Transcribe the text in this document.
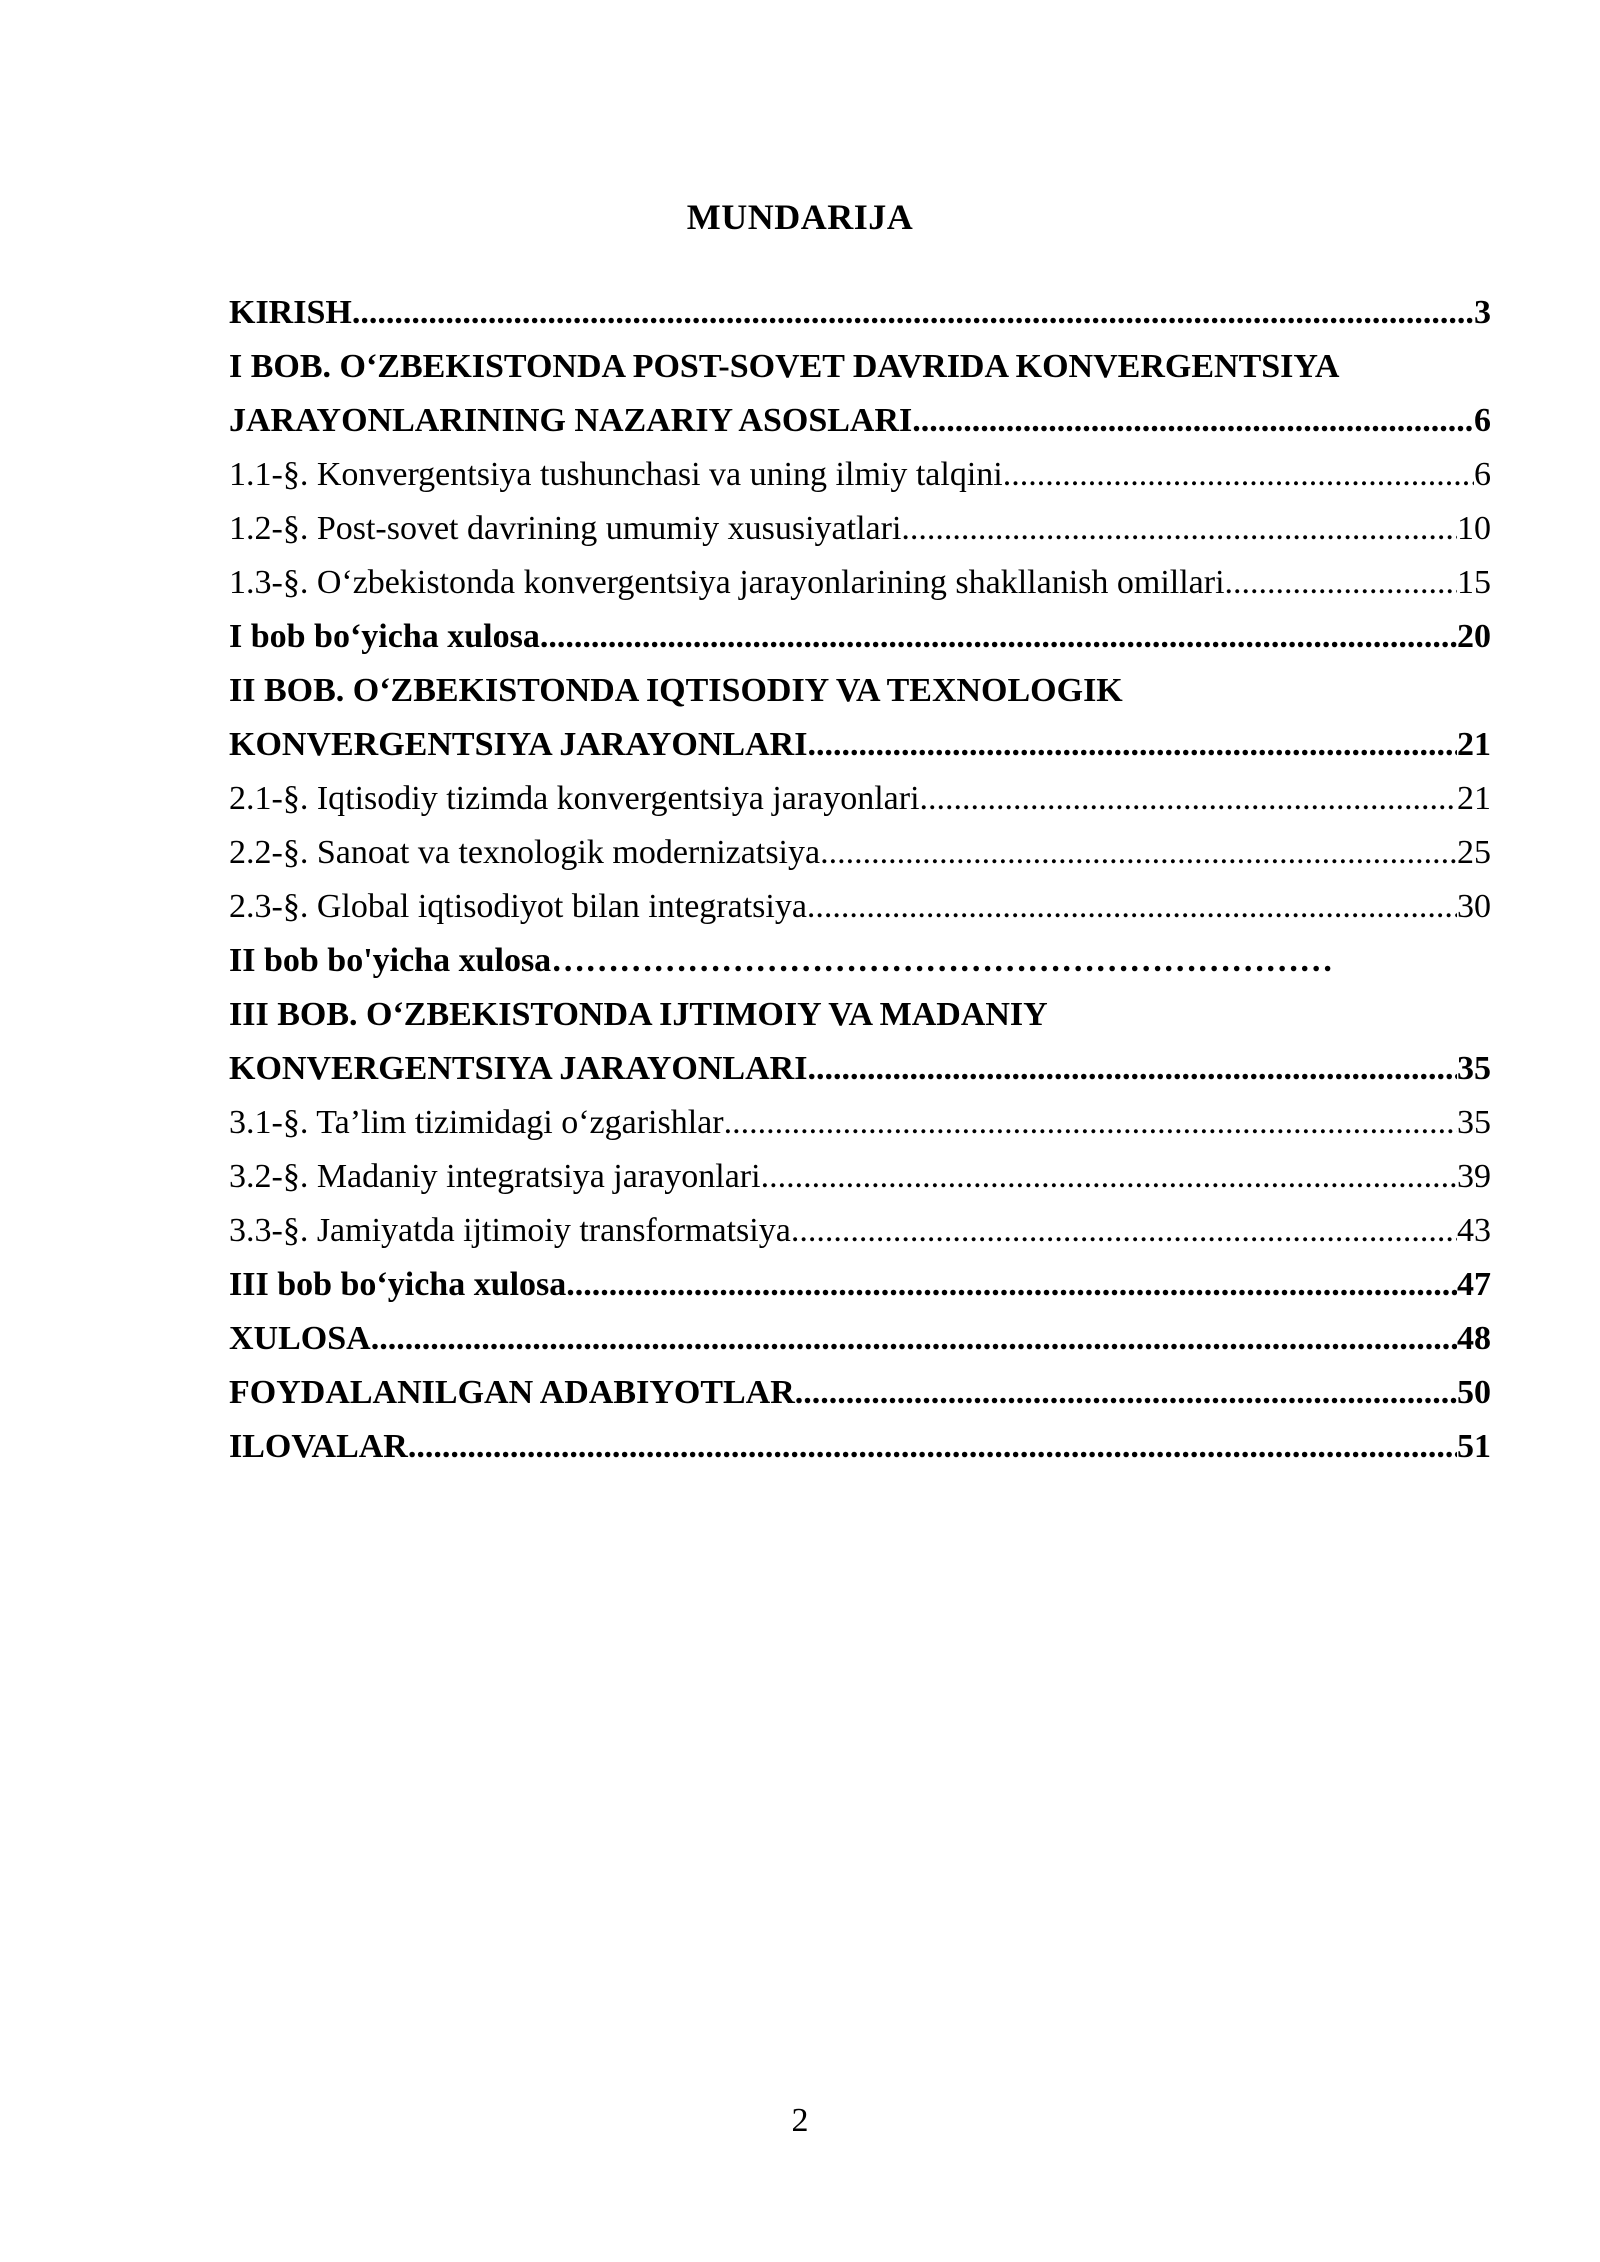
MUNDARIJA
KIRISH .....	3
I BOB. O‘ZBEKISTONDA POST-SOVET DAVRIDA KONVERGENTSIYA
JARAYONLARINING NAZARIY ASOSLARI .....	6
1.1-§. Konvergentsiya tushunchasi va uning ilmiy talqini .....	6
1.2-§. Post-sovet davrining umumiy xususiyatlari .....	10
1.3-§. O‘zbekistonda konvergentsiya jarayonlarining shakllanish omillari .....	15
I bob bo‘yicha xulosa .....	20
II BOB. O‘ZBEKISTONDA IQTISODIY VA TEXNOLOGIK
KONVERGENTSIYA JARAYONLARI .....	21
2.1-§. Iqtisodiy tizimda konvergentsiya jarayonlari .....	21
2.2-§. Sanoat va texnologik modernizatsiya .....	25
2.3-§. Global iqtisodiyot bilan integratsiya .....	30
II bob bo'yicha xulosa
……………………………………………………………
III BOB. O‘ZBEKISTONDA IJTIMOIY VA MADANIY
KONVERGENTSIYA JARAYONLARI .....	35
3.1-§. Ta’lim tizimidagi o‘zgarishlar .....	35
3.2-§. Madaniy integratsiya jarayonlari .....	39
3.3-§. Jamiyatda ijtimoiy transformatsiya .....	43
III bob bo‘yicha xulosa .....	47
XULOSA .....	48
FOYDALANILGAN ADABIYOTLAR .....	50
ILOVALAR .....	51
2
